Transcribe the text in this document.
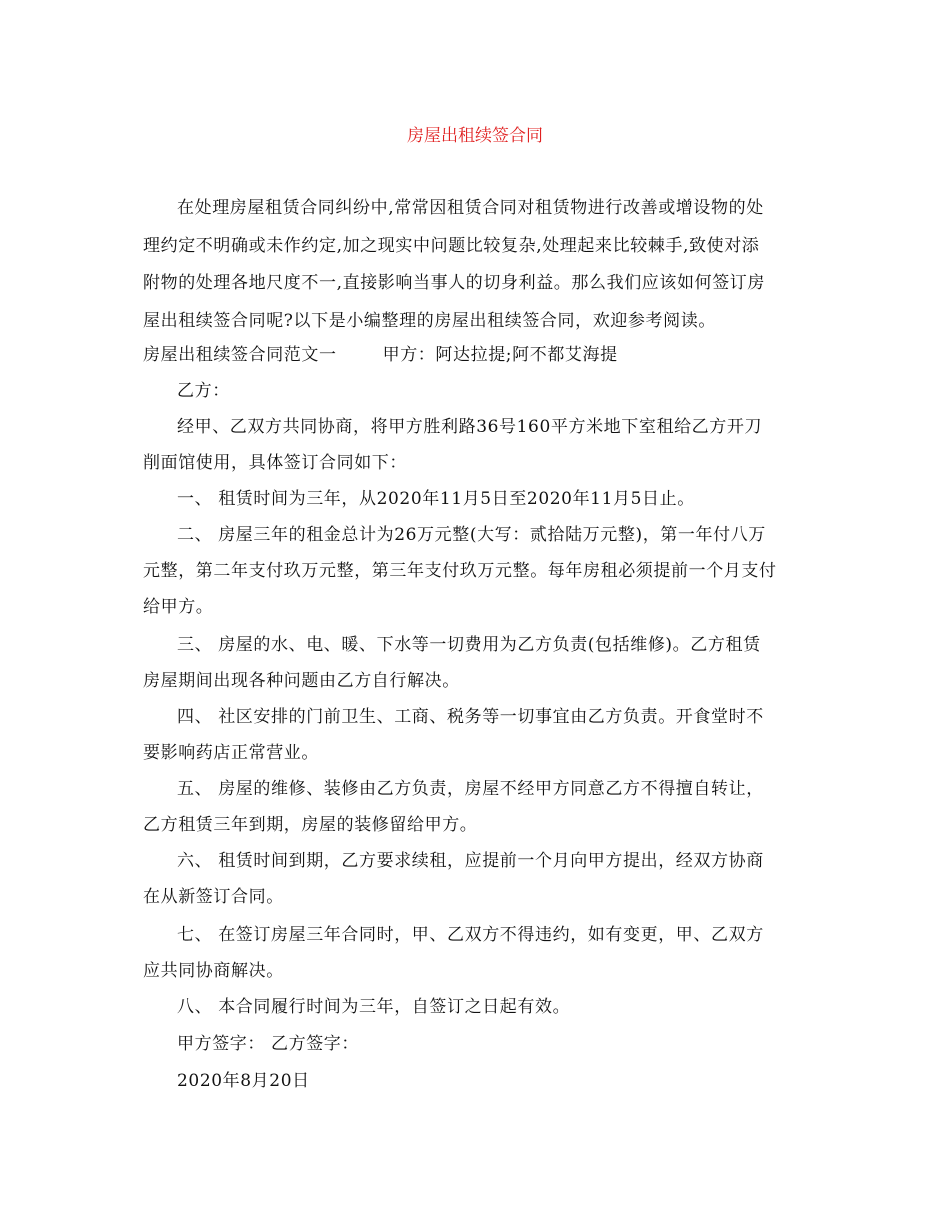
房屋出租续签合同
在处理房屋租赁合同纠纷中,常常因租赁合同对租赁物进行改善或增设物的处
理约定不明确或未作约定,加之现实中问题比较复杂,处理起来比较棘手,致使对添
附物的处理各地尺度不一,直接影响当事人的切身利益。那么我们应该如何签订房
屋出租续签合同呢?以下是小编整理的房屋出租续签合同，欢迎参考阅读。
房屋出租续签合同范文一	甲方：阿达拉提;阿不都艾海提
乙方：
经甲、乙双方共同协商，将甲方胜利路36号160平方米地下室租给乙方开刀
削面馆使用，具体签订合同如下：
一、 租赁时间为三年，从2020年11月5日至2020年11月5日止。
二、 房屋三年的租金总计为26万元整(大写：贰拾陆万元整)，第一年付八万
元整，第二年支付玖万元整，第三年支付玖万元整。每年房租必须提前一个月支付
给甲方。
三、 房屋的水、电、暖、下水等一切费用为乙方负责(包括维修)。乙方租赁
房屋期间出现各种问题由乙方自行解决。
四、 社区安排的门前卫生、工商、税务等一切事宜由乙方负责。开食堂时不
要影响药店正常营业。
五、 房屋的维修、装修由乙方负责，房屋不经甲方同意乙方不得擅自转让，
乙方租赁三年到期，房屋的装修留给甲方。
六、 租赁时间到期，乙方要求续租，应提前一个月向甲方提出，经双方协商
在从新签订合同。
七、 在签订房屋三年合同时，甲、乙双方不得违约，如有变更，甲、乙双方
应共同协商解决。
八、 本合同履行时间为三年，自签订之日起有效。
甲方签字： 乙方签字：
2020年8月20日
